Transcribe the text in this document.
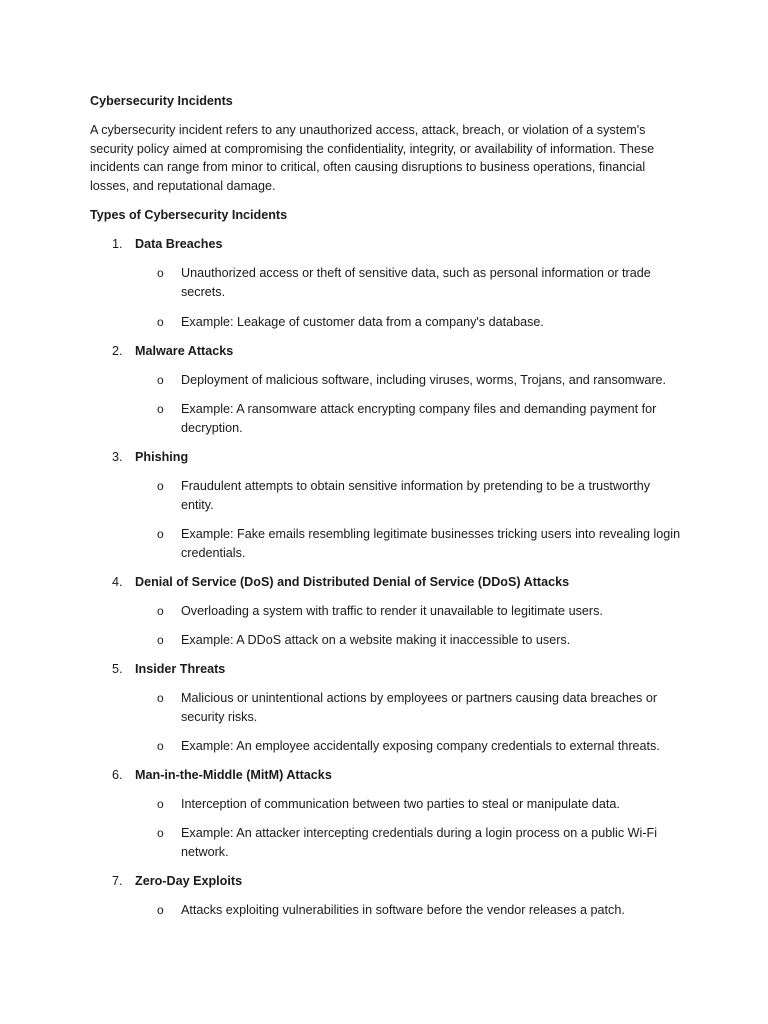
Cybersecurity Incidents

A cybersecurity incident refers to any unauthorized access, attack, breach, or violation of a system's security policy aimed at compromising the confidentiality, integrity, or availability of information. These incidents can range from minor to critical, often causing disruptions to business operations, financial losses, and reputational damage.

Types of Cybersecurity Incidents

1. Data Breaches
o Unauthorized access or theft of sensitive data, such as personal information or trade secrets.
o Example: Leakage of customer data from a company's database.
2. Malware Attacks
o Deployment of malicious software, including viruses, worms, Trojans, and ransomware.
o Example: A ransomware attack encrypting company files and demanding payment for decryption.
3. Phishing
o Fraudulent attempts to obtain sensitive information by pretending to be a trustworthy entity.
o Example: Fake emails resembling legitimate businesses tricking users into revealing login credentials.
4. Denial of Service (DoS) and Distributed Denial of Service (DDoS) Attacks
o Overloading a system with traffic to render it unavailable to legitimate users.
o Example: A DDoS attack on a website making it inaccessible to users.
5. Insider Threats
o Malicious or unintentional actions by employees or partners causing data breaches or security risks.
o Example: An employee accidentally exposing company credentials to external threats.
6. Man-in-the-Middle (MitM) Attacks
o Interception of communication between two parties to steal or manipulate data.
o Example: An attacker intercepting credentials during a login process on a public Wi-Fi network.
7. Zero-Day Exploits
o Attacks exploiting vulnerabilities in software before the vendor releases a patch.
